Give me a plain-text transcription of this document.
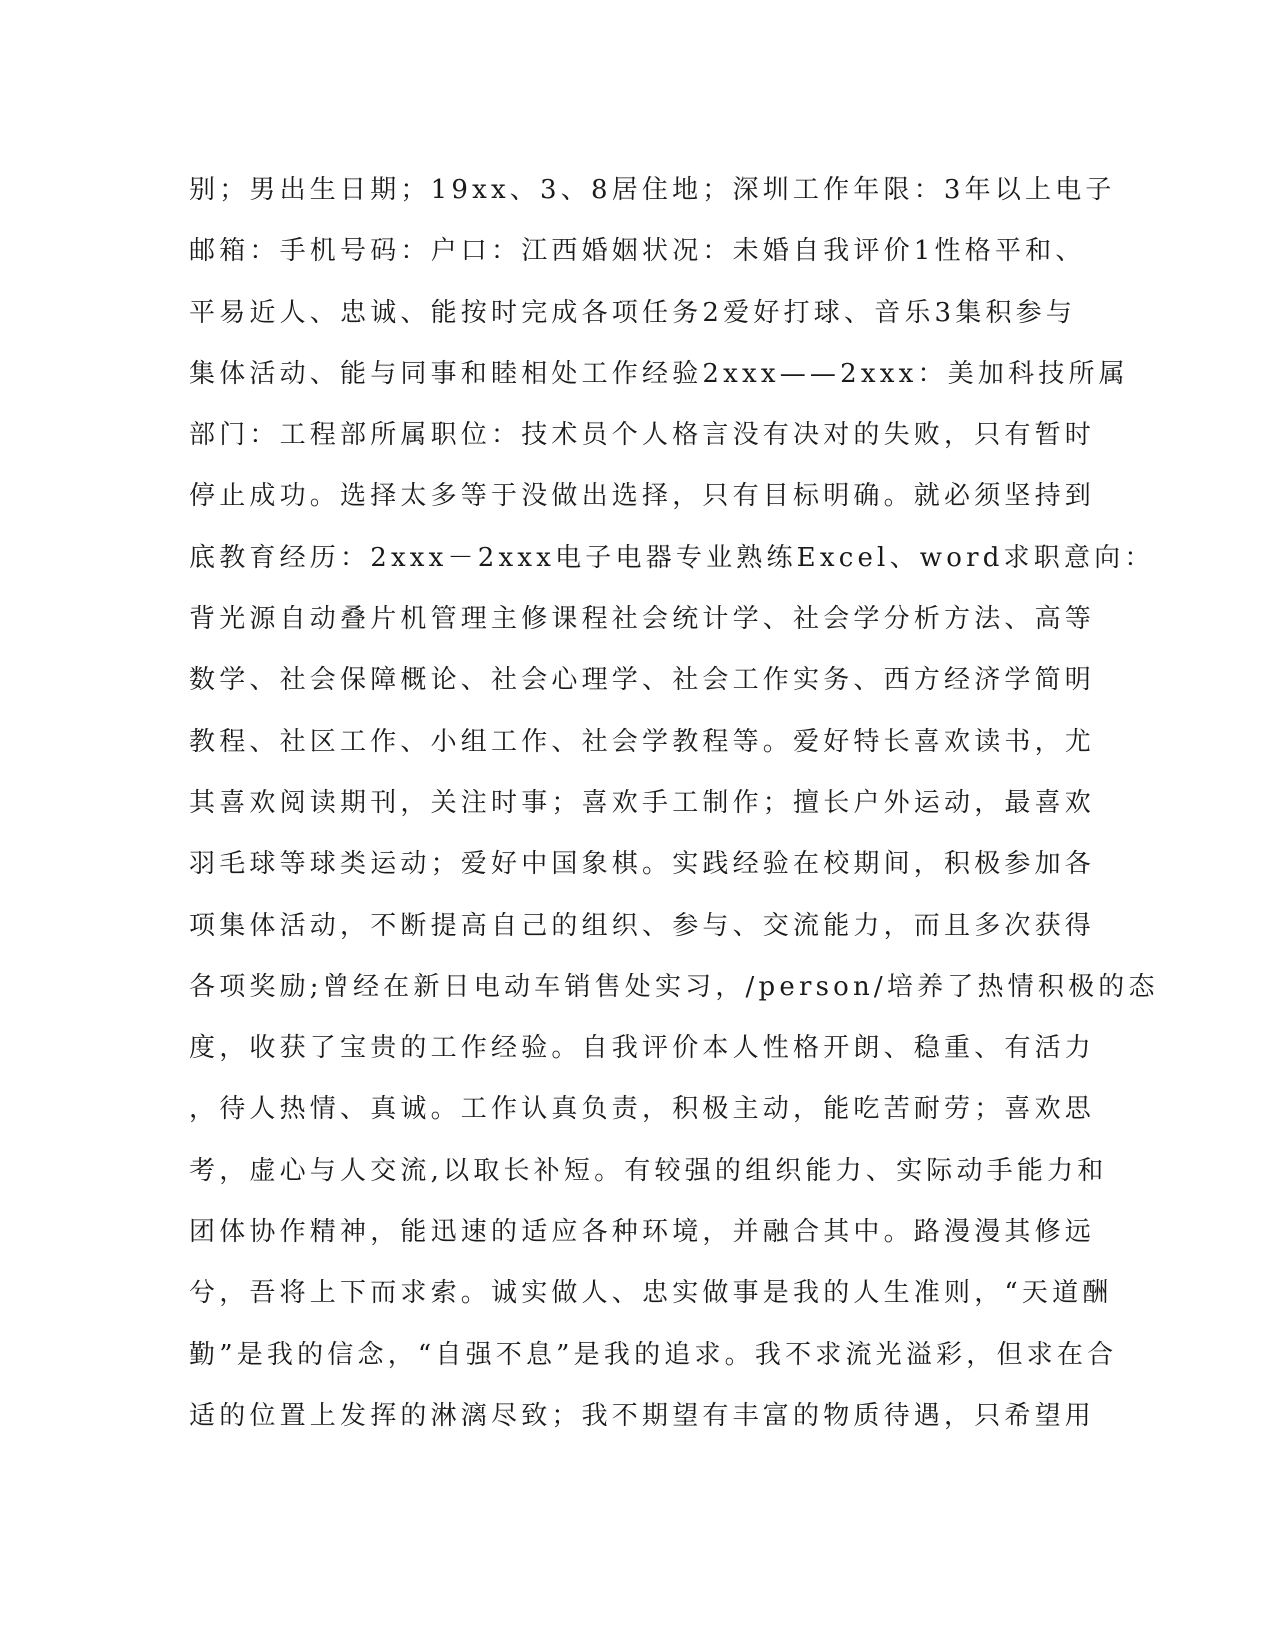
别；男出生日期；19xx、3、8居住地；深圳工作年限：3年以上电子
邮箱：手机号码：户口：江西婚姻状况：未婚自我评价1性格平和、
平易近人、忠诚、能按时完成各项任务2爱好打球、音乐3集积参与
集体活动、能与同事和睦相处工作经验2xxx——2xxx：美加科技所属
部门：工程部所属职位：技术员个人格言没有决对的失败，只有暂时
停止成功。选择太多等于没做出选择，只有目标明确。就必须坚持到
底教育经历：2xxx－2xxx电子电器专业熟练Excel、word求职意向：
背光源自动叠片机管理主修课程社会统计学、社会学分析方法、高等
数学、社会保障概论、社会心理学、社会工作实务、西方经济学简明
教程、社区工作、小组工作、社会学教程等。爱好特长喜欢读书，尤
其喜欢阅读期刊，关注时事；喜欢手工制作；擅长户外运动，最喜欢
羽毛球等球类运动；爱好中国象棋。实践经验在校期间，积极参加各
项集体活动，不断提高自己的组织、参与、交流能力，而且多次获得
各项奖励;曾经在新日电动车销售处实习，/person/培养了热情积极的态
度，收获了宝贵的工作经验。自我评价本人性格开朗、稳重、有活力
，待人热情、真诚。工作认真负责，积极主动，能吃苦耐劳；喜欢思
考，虚心与人交流,以取长补短。有较强的组织能力、实际动手能力和
团体协作精神，能迅速的适应各种环境，并融合其中。路漫漫其修远
兮，吾将上下而求索。诚实做人、忠实做事是我的人生准则，“天道酬
勤”是我的信念，“自强不息”是我的追求。我不求流光溢彩，但求在合
适的位置上发挥的淋漓尽致；我不期望有丰富的物质待遇，只希望用
